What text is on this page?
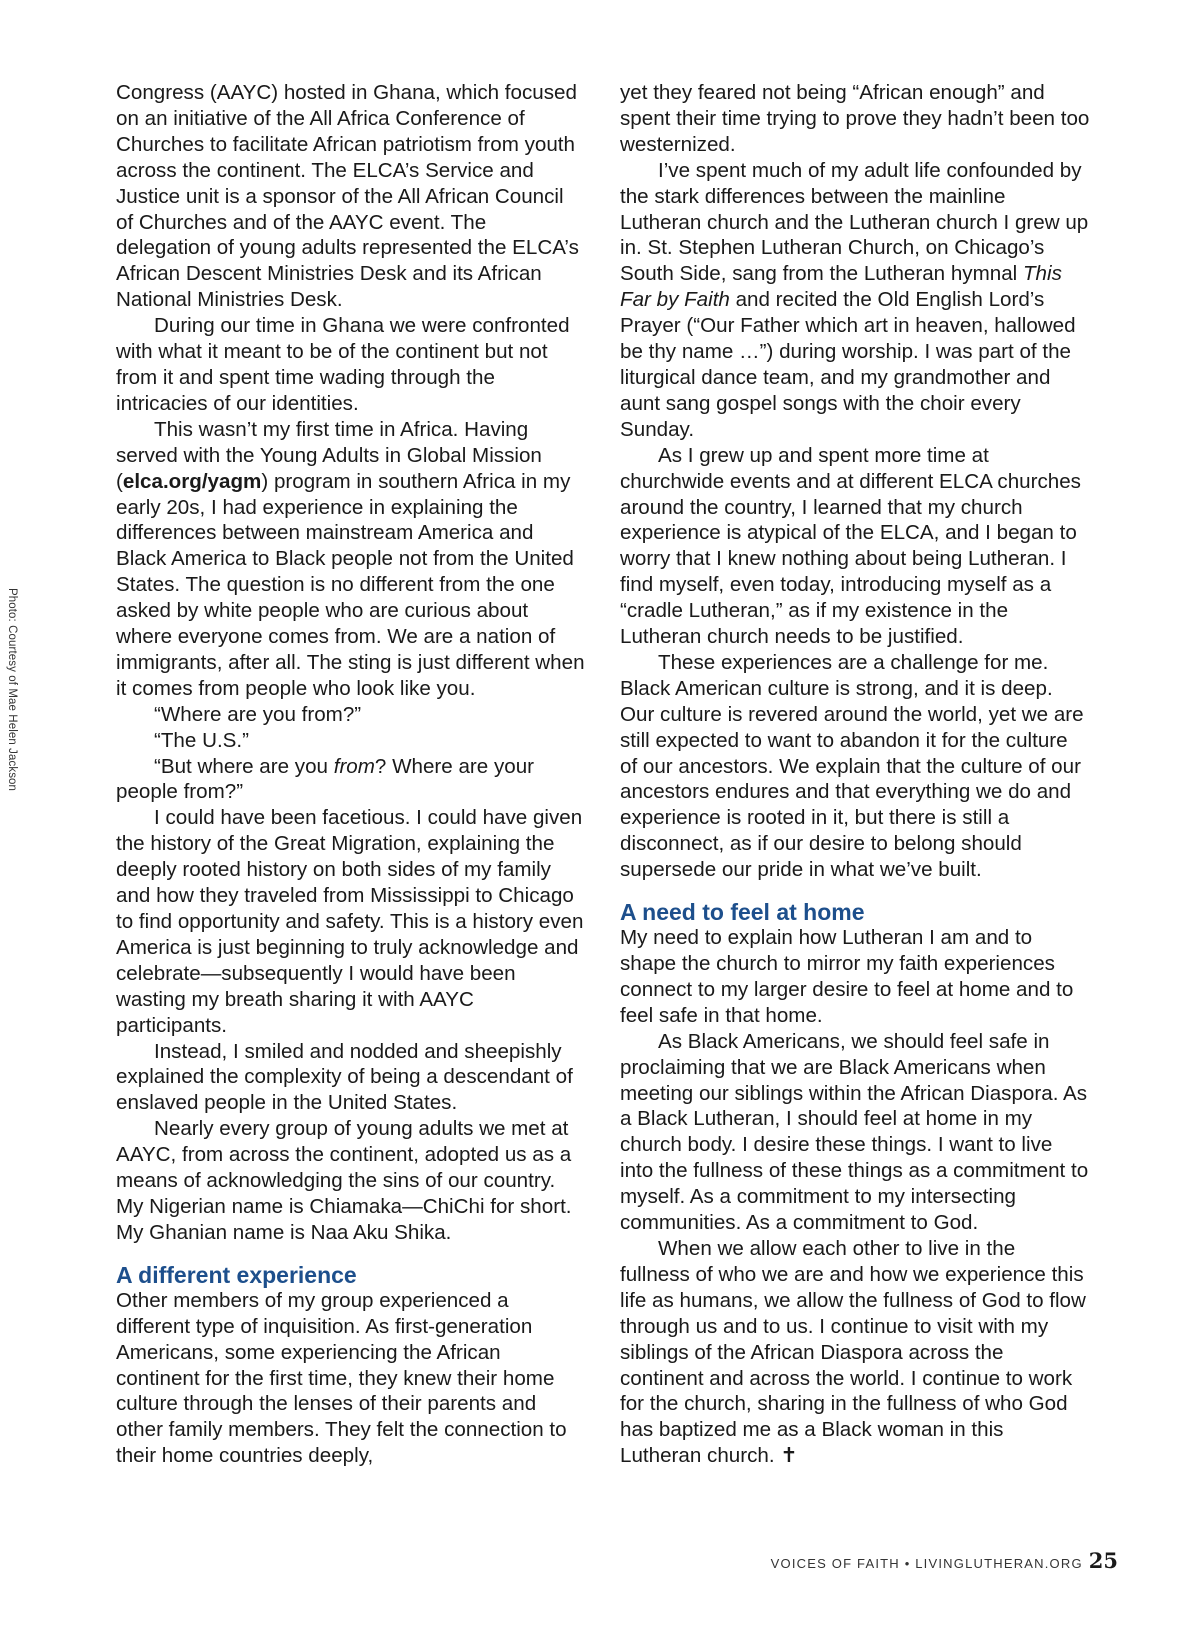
Photo: Courtesy of Mae Helen Jackson

Congress (AAYC) hosted in Ghana, which focused on an initiative of the All Africa Conference of Churches to facilitate African patriotism from youth across the continent. The ELCA’s Service and Justice unit is a sponsor of the All African Council of Churches and of the AAYC event. The delegation of young adults represented the ELCA’s African Descent Ministries Desk and its African National Ministries Desk.

During our time in Ghana we were confronted with what it meant to be of the continent but not from it and spent time wading through the intricacies of our identities.

This wasn’t my first time in Africa. Having served with the Young Adults in Global Mission (elca.org/yagm) program in southern Africa in my early 20s, I had experience in explaining the differences between mainstream America and Black America to Black people not from the United States. The question is no different from the one asked by white people who are curious about where everyone comes from. We are a nation of immigrants, after all. The sting is just different when it comes from people who look like you.

“Where are you from?”

“The U.S.”

“But where are you from? Where are your people from?”

I could have been facetious. I could have given the history of the Great Migration, explaining the deeply rooted history on both sides of my family and how they traveled from Mississippi to Chicago to find opportunity and safety. This is a history even America is just beginning to truly acknowledge and celebrate—subsequently I would have been wasting my breath sharing it with AAYC participants.

Instead, I smiled and nodded and sheepishly explained the complexity of being a descendant of enslaved people in the United States.

Nearly every group of young adults we met at AAYC, from across the continent, adopted us as a means of acknowledging the sins of our country. My Nigerian name is Chiamaka—ChiChi for short. My Ghanian name is Naa Aku Shika.

A different experience

Other members of my group experienced a different type of inquisition. As first-generation Americans, some experiencing the African continent for the first time, they knew their home culture through the lenses of their parents and other family members. They felt the connection to their home countries deeply,

yet they feared not being “African enough” and spent their time trying to prove they hadn’t been too westernized.

I’ve spent much of my adult life confounded by the stark differences between the mainline Lutheran church and the Lutheran church I grew up in. St. Stephen Lutheran Church, on Chicago’s South Side, sang from the Lutheran hymnal This Far by Faith and recited the Old English Lord’s Prayer (“Our Father which art in heaven, hallowed be thy name …”) during worship. I was part of the liturgical dance team, and my grandmother and aunt sang gospel songs with the choir every Sunday.

As I grew up and spent more time at churchwide events and at different ELCA churches around the country, I learned that my church experience is atypical of the ELCA, and I began to worry that I knew nothing about being Lutheran. I find myself, even today, introducing myself as a “cradle Lutheran,” as if my existence in the Lutheran church needs to be justified.

These experiences are a challenge for me. Black American culture is strong, and it is deep. Our culture is revered around the world, yet we are still expected to want to abandon it for the culture of our ancestors. We explain that the culture of our ancestors endures and that everything we do and experience is rooted in it, but there is still a disconnect, as if our desire to belong should supersede our pride in what we’ve built.

A need to feel at home

My need to explain how Lutheran I am and to shape the church to mirror my faith experiences connect to my larger desire to feel at home and to feel safe in that home.

As Black Americans, we should feel safe in proclaiming that we are Black Americans when meeting our siblings within the African Diaspora. As a Black Lutheran, I should feel at home in my church body. I desire these things. I want to live into the fullness of these things as a commitment to myself. As a commitment to my intersecting communities. As a commitment to God.

When we allow each other to live in the fullness of who we are and how we experience this life as humans, we allow the fullness of God to flow through us and to us. I continue to visit with my siblings of the African Diaspora across the continent and across the world. I continue to work for the church, sharing in the fullness of who God has baptized me as a Black woman in this Lutheran church. ✝

VOICES OF FAITH • LIVINGLUTHERAN.ORG 25
